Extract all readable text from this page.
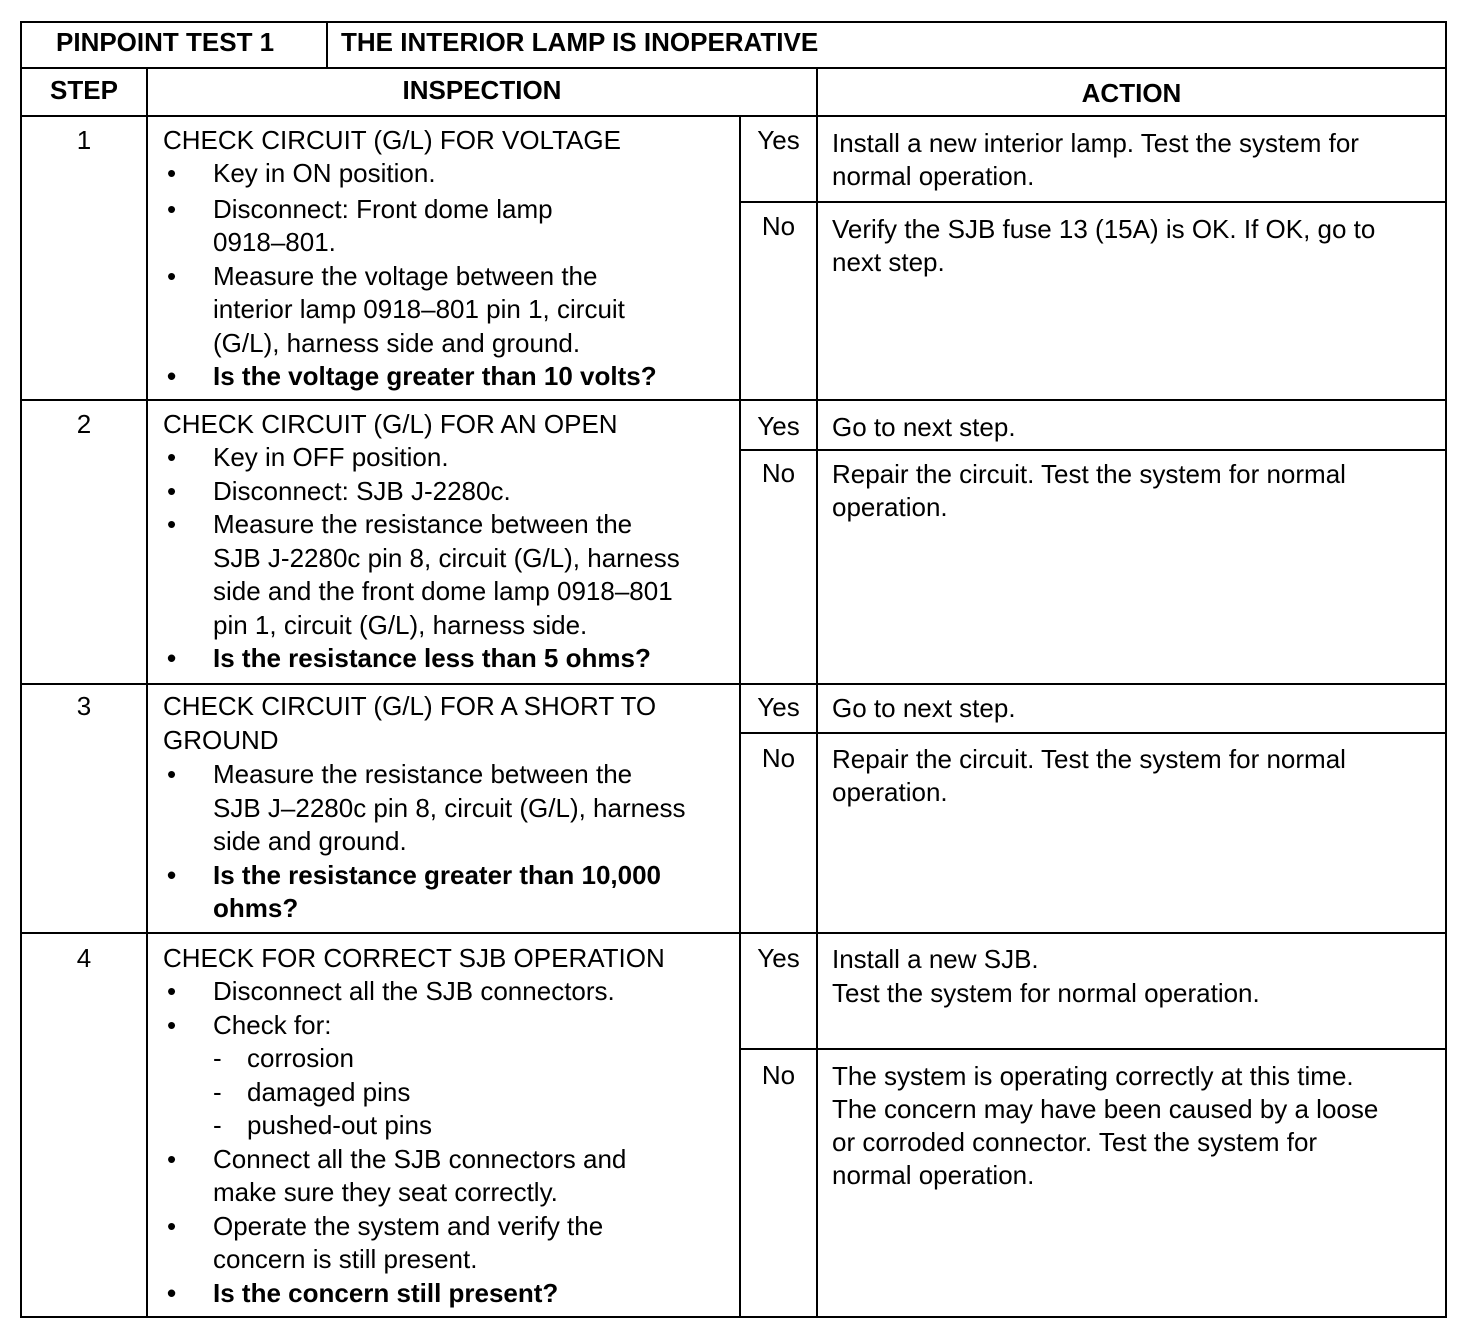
PINPOINT TEST 1	THE INTERIOR LAMP IS INOPERATIVE
STEP	INSPECTION	ACTION
1	CHECK CIRCUIT (G/L) FOR VOLTAGE
• Key in ON position.
• Disconnect: Front dome lamp
0918–801.
• Measure the voltage between the
interior lamp 0918–801 pin 1, circuit
(G/L), harness side and ground.
• Is the voltage greater than 10 volts?
Yes	Install a new interior lamp. Test the system for
normal operation.
No	Verify the SJB fuse 13 (15A) is OK. If OK, go to
next step.
2	CHECK CIRCUIT (G/L) FOR AN OPEN
• Key in OFF position.
• Disconnect: SJB J-2280c.
• Measure the resistance between the
SJB J-2280c pin 8, circuit (G/L), harness
side and the front dome lamp 0918–801
pin 1, circuit (G/L), harness side.
• Is the resistance less than 5 ohms?
Yes	Go to next step.
No	Repair the circuit. Test the system for normal
operation.
3	CHECK CIRCUIT (G/L) FOR A SHORT TO
GROUND
• Measure the resistance between the
SJB J–2280c pin 8, circuit (G/L), harness
side and ground.
• Is the resistance greater than 10,000
ohms?
Yes	Go to next step.
No	Repair the circuit. Test the system for normal
operation.
4	CHECK FOR CORRECT SJB OPERATION
• Disconnect all the SJB connectors.
• Check for:
- corrosion
- damaged pins
- pushed-out pins
• Connect all the SJB connectors and
make sure they seat correctly.
• Operate the system and verify the
concern is still present.
• Is the concern still present?
Yes	Install a new SJB.
Test the system for normal operation.
No	The system is operating correctly at this time.
The concern may have been caused by a loose
or corroded connector. Test the system for
normal operation.
